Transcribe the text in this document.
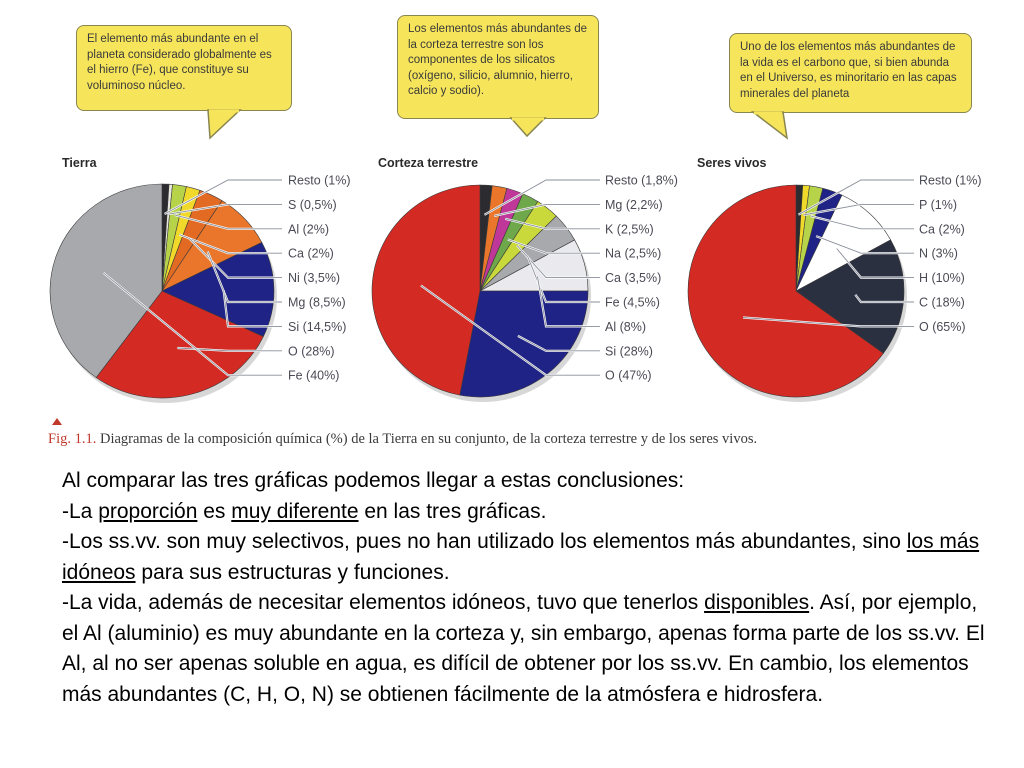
El elemento más abundante en el planeta considerado globalmente es el hierro (Fe), que constituye su voluminoso núcleo.
Los elementos más abundantes de la corteza terrestre son los componentes de los silicatos (oxígeno, silicio, alumnio, hierro, calcio y sodio).
Uno de los elementos más abundantes de la vida es el carbono que, si bien abunda en el Universo, es minoritario en las capas minerales del planeta
Tierra	Corteza terrestre	Seres vivos
Resto (1%)
S (0,5%)
Al (2%)
Ca (2%)
Ni (3,5%)
Mg (8,5%)
Si (14,5%)
O (28%)
Fe (40%)
Resto (1,8%)
Mg (2,2%)
K (2,5%)
Na (2,5%)
Ca (3,5%)
Fe (4,5%)
Al (8%)
Si (28%)
O (47%)
Resto (1%)
P (1%)
Ca (2%)
N (3%)
H (10%)
C (18%)
O (65%)
Fig. 1.1. Diagramas de la composición química (%) de la Tierra en su conjunto, de la corteza terrestre y de los seres vivos.

Al comparar las tres gráficas podemos llegar a estas conclusiones:

-La proporción es muy diferente en las tres gráficas.

-Los ss.vv. son muy selectivos, pues no han utilizado los elementos más abundantes, sino los más idóneos para sus estructuras y funciones.

-La vida, además de necesitar elementos idóneos, tuvo que tenerlos disponibles. Así, por ejemplo, el Al (aluminio) es muy abundante en la corteza y, sin embargo, apenas forma parte de los ss.vv. El Al, al no ser apenas soluble en agua, es difícil de obtener por los ss.vv. En cambio, los elementos más abundantes (C, H, O, N) se obtienen fácilmente de la atmósfera e hidrosfera.
